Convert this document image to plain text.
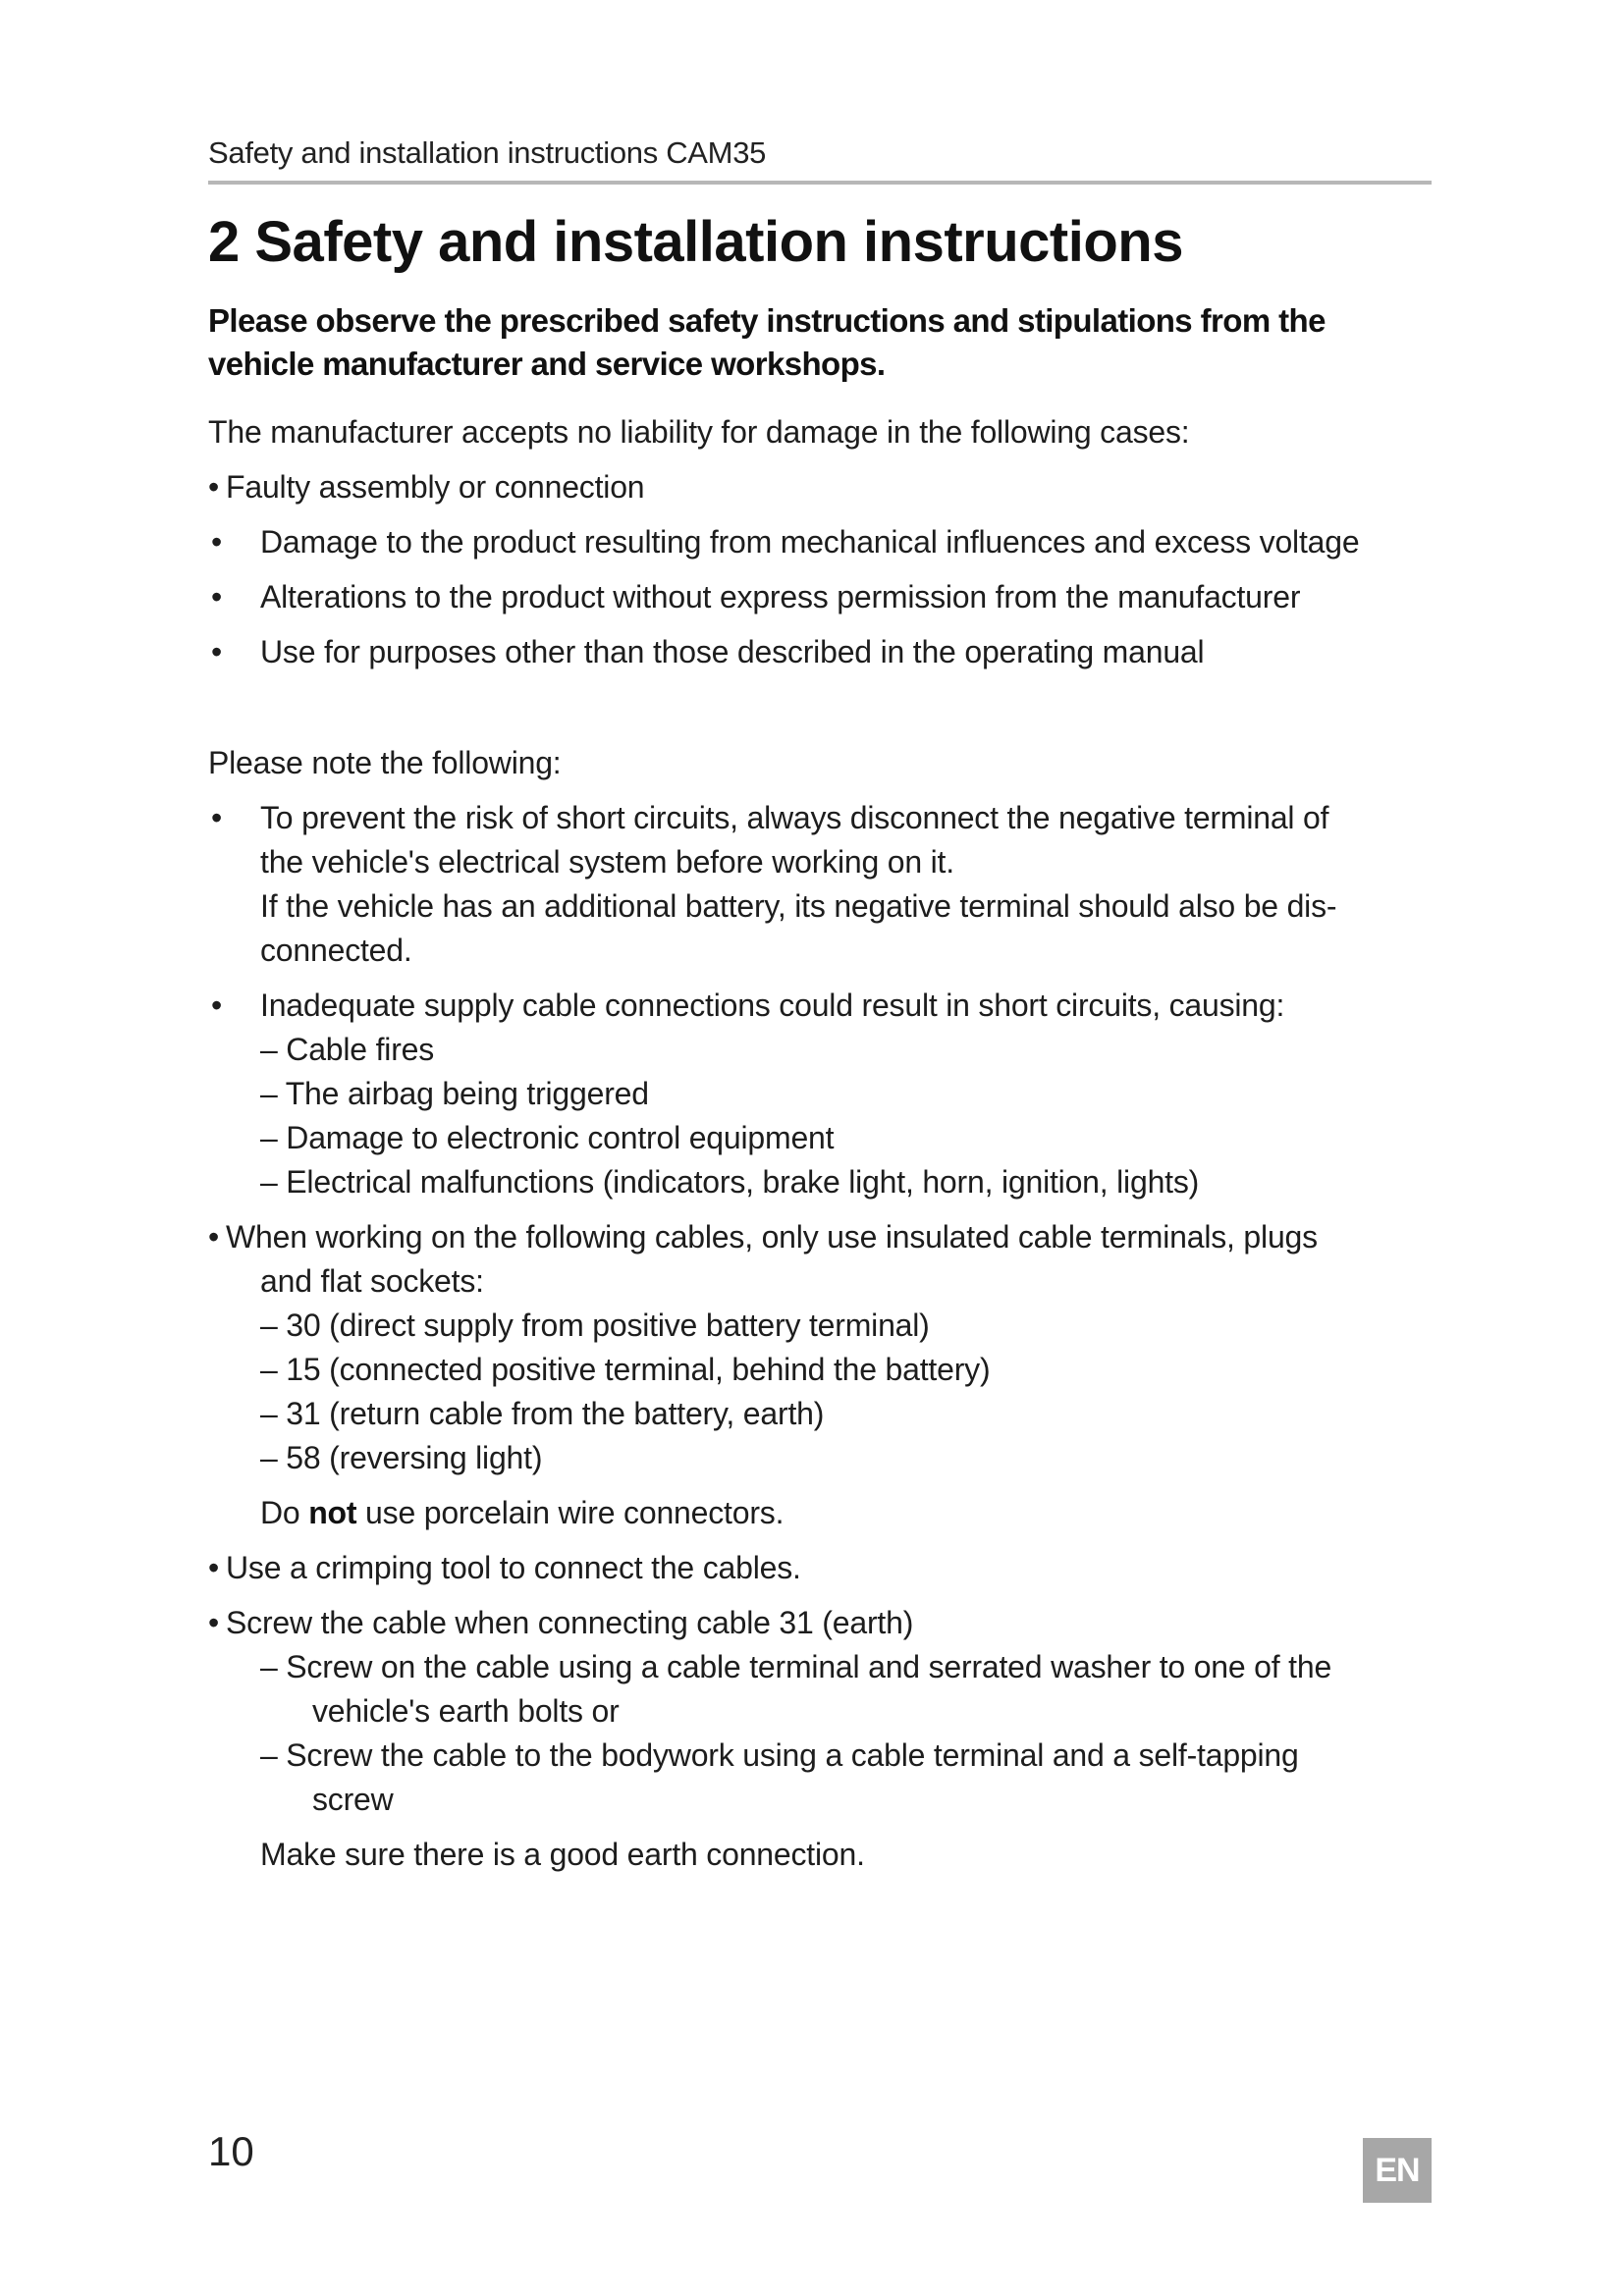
Safety and installation instructions CAM35
2 Safety and installation instructions

Please observe the prescribed safety instructions and stipulations from the vehicle manufacturer and service workshops.

The manufacturer accepts no liability for damage in the following cases:

• Faulty assembly or connection
• Damage to the product resulting from mechanical influences and excess voltage
• Alterations to the product without express permission from the manufacturer
• Use for purposes other than those described in the operating manual

Please note the following:

• To prevent the risk of short circuits, always disconnect the negative terminal of
the vehicle's electrical system before working on it.
If the vehicle has an additional battery, its negative terminal should also be dis-
connected.
• Inadequate supply cable connections could result in short circuits, causing:
– Cable fires
– The airbag being triggered
– Damage to electronic control equipment
– Electrical malfunctions (indicators, brake light, horn, ignition, lights)
• When working on the following cables, only use insulated cable terminals, plugs
and flat sockets:
– 30 (direct supply from positive battery terminal)
– 15 (connected positive terminal, behind the battery)
– 31 (return cable from the battery, earth)
– 58 (reversing light)
Do not use porcelain wire connectors.
• Use a crimping tool to connect the cables.
• Screw the cable when connecting cable 31 (earth)
– Screw on the cable using a cable terminal and serrated washer to one of the
vehicle's earth bolts or
– Screw the cable to the bodywork using a cable terminal and a self-tapping
screw
Make sure there is a good earth connection.
10	EN
